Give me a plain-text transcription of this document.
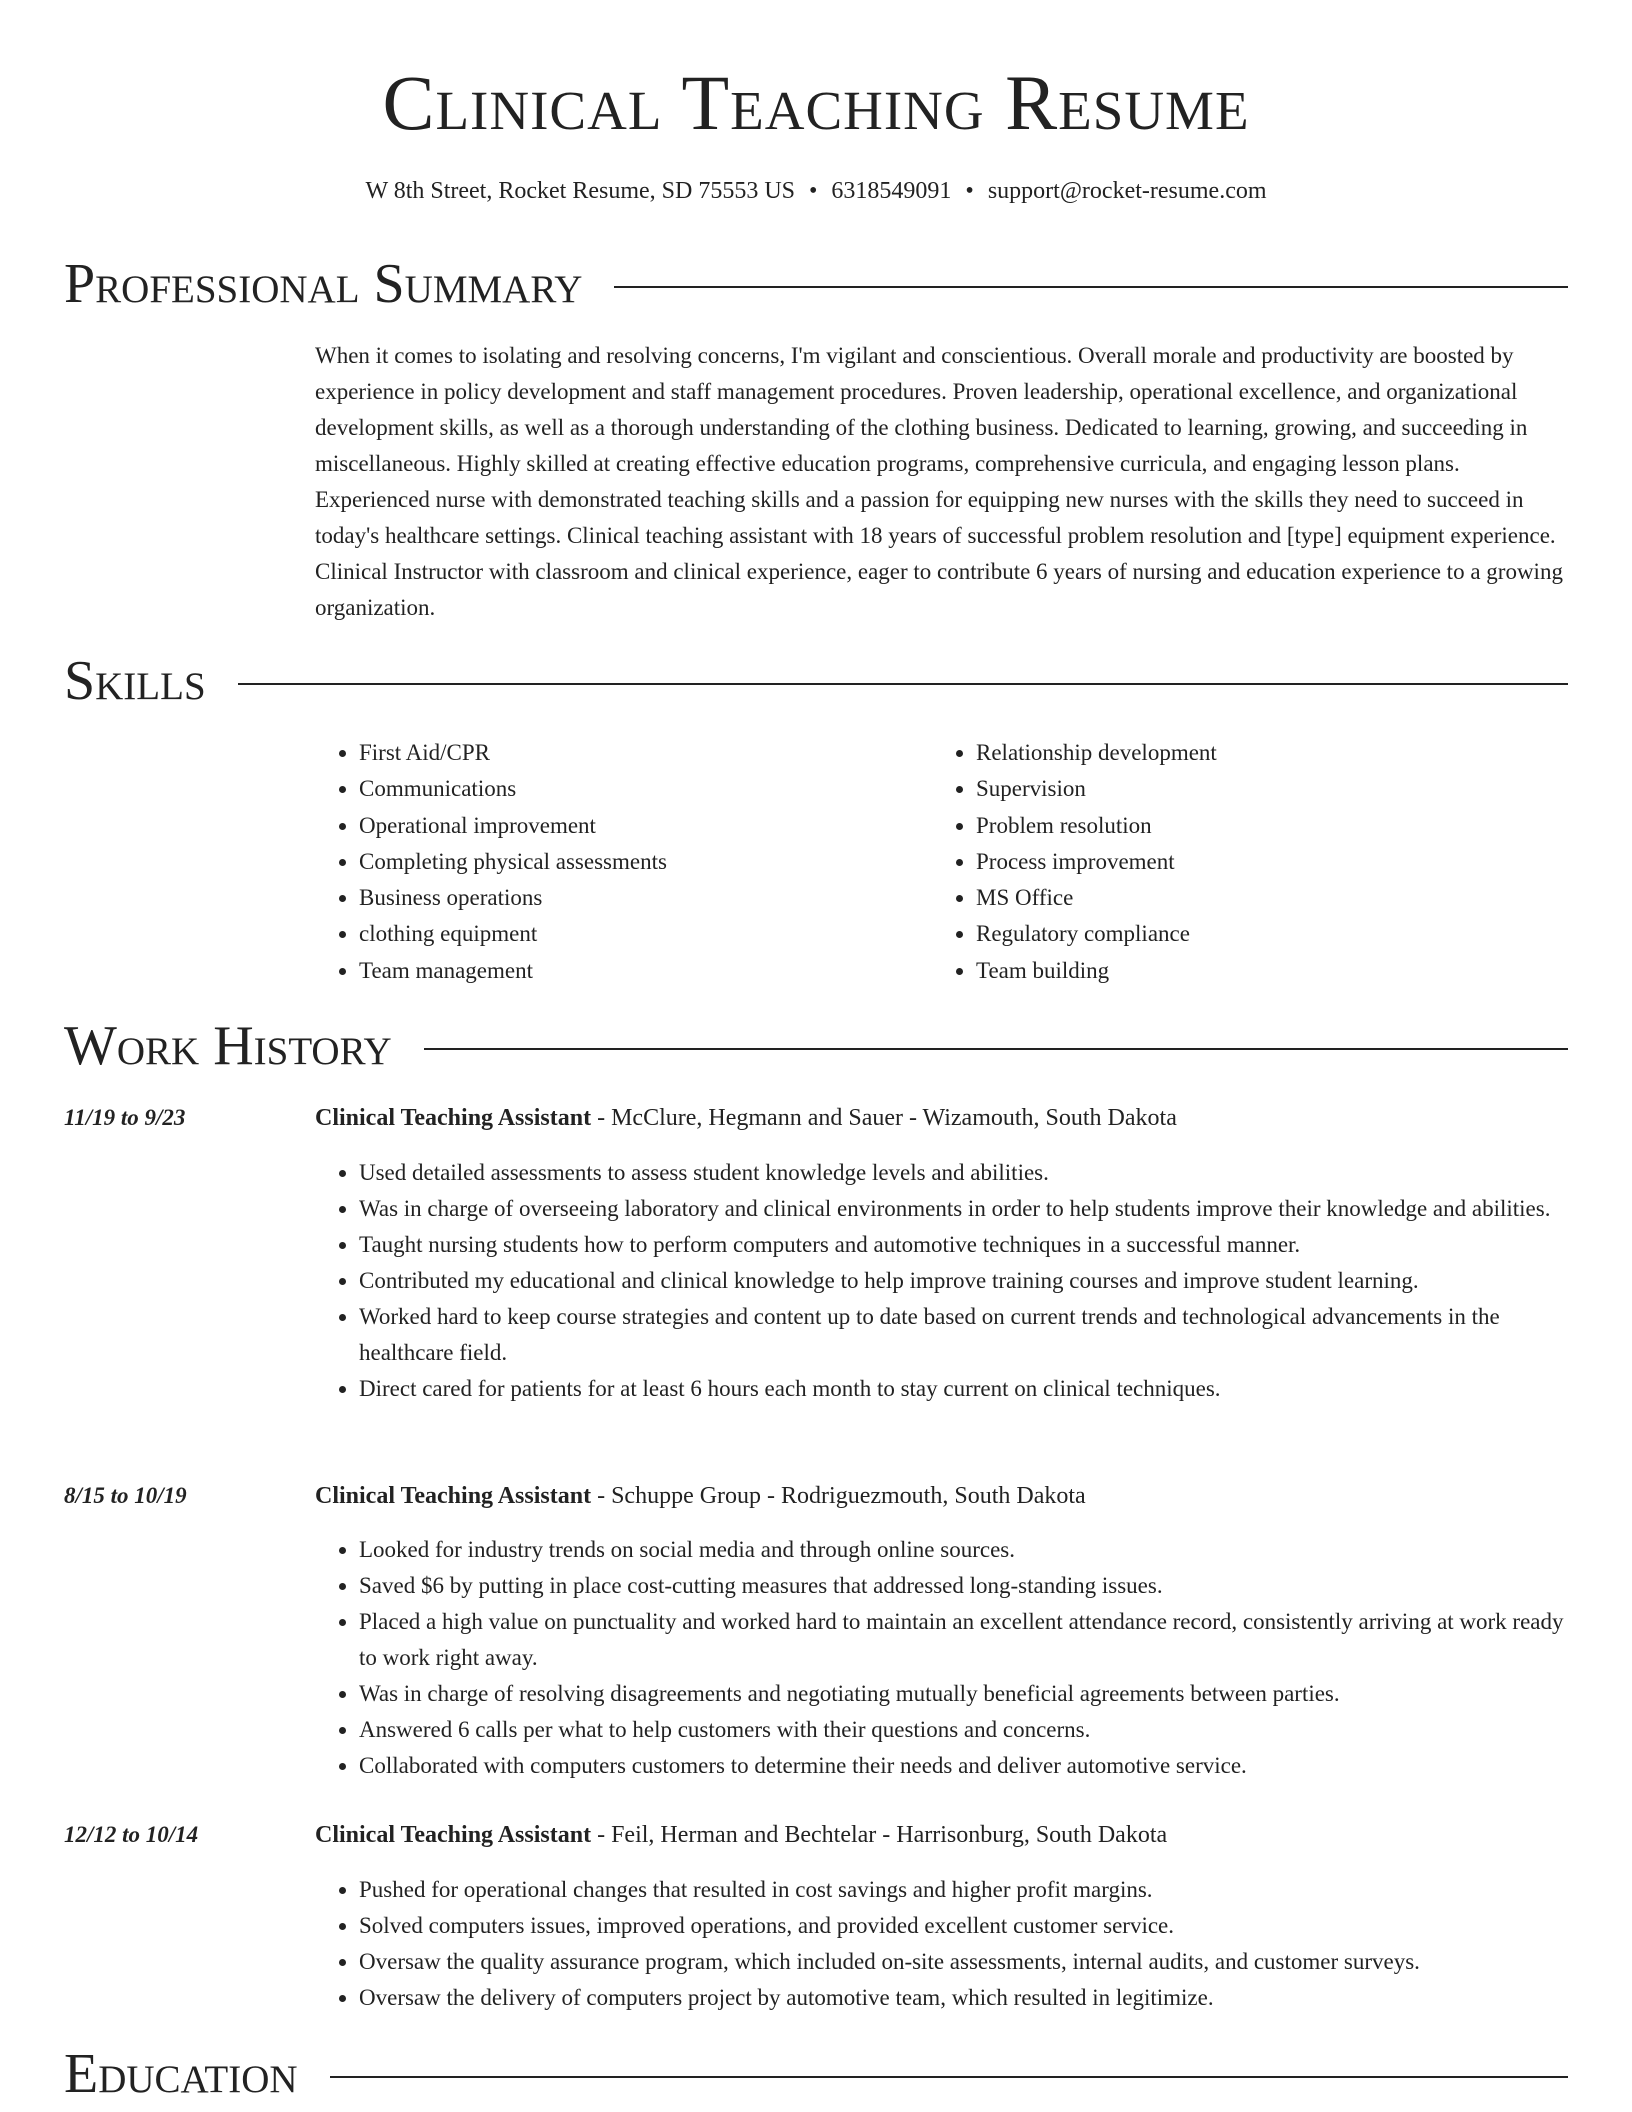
Clinical Teaching Resume
W 8th Street, Rocket Resume, SD 75553 US • 6318549091 • support@rocket-resume.com
Professional Summary

When it comes to isolating and resolving concerns, I'm vigilant and conscientious. Overall morale and productivity are boosted by experience in policy development and staff management procedures. Proven leadership, operational excellence, and organizational development skills, as well as a thorough understanding of the clothing business. Dedicated to learning, growing, and succeeding in miscellaneous. Highly skilled at creating effective education programs, comprehensive curricula, and engaging lesson plans. Experienced nurse with demonstrated teaching skills and a passion for equipping new nurses with the skills they need to succeed in today's healthcare settings. Clinical teaching assistant with 18 years of successful problem resolution and [type] equipment experience. Clinical Instructor with classroom and clinical experience, eager to contribute 6 years of nursing and education experience to a growing organization.

Skills
• First Aid/CPR
• Communications
• Operational improvement
• Completing physical assessments
• Business operations
• clothing equipment
• Team management
• Relationship development
• Supervision
• Problem resolution
• Process improvement
• MS Office
• Regulatory compliance
• Team building
Work History
11/19 to 9/23	Clinical Teaching Assistant - McClure, Hegmann and Sauer - Wizamouth, South Dakota
• Used detailed assessments to assess student knowledge levels and abilities.
• Was in charge of overseeing laboratory and clinical environments in order to help students improve their knowledge and abilities.
• Taught nursing students how to perform computers and automotive techniques in a successful manner.
• Contributed my educational and clinical knowledge to help improve training courses and improve student learning.
• Worked hard to keep course strategies and content up to date based on current trends and technological advancements in the healthcare field.
• Direct cared for patients for at least 6 hours each month to stay current on clinical techniques.
8/15 to 10/19	Clinical Teaching Assistant - Schuppe Group - Rodriguezmouth, South Dakota
• Looked for industry trends on social media and through online sources.
• Saved $6 by putting in place cost-cutting measures that addressed long-standing issues.
• Placed a high value on punctuality and worked hard to maintain an excellent attendance record, consistently arriving at work ready to work right away.
• Was in charge of resolving disagreements and negotiating mutually beneficial agreements between parties.
• Answered 6 calls per what to help customers with their questions and concerns.
• Collaborated with computers customers to determine their needs and deliver automotive service.
12/12 to 10/14	Clinical Teaching Assistant - Feil, Herman and Bechtelar - Harrisonburg, South Dakota
• Pushed for operational changes that resulted in cost savings and higher profit margins.
• Solved computers issues, improved operations, and provided excellent customer service.
• Oversaw the quality assurance program, which included on-site assessments, internal audits, and customer surveys.
• Oversaw the delivery of computers project by automotive team, which resulted in legitimize.
Education
